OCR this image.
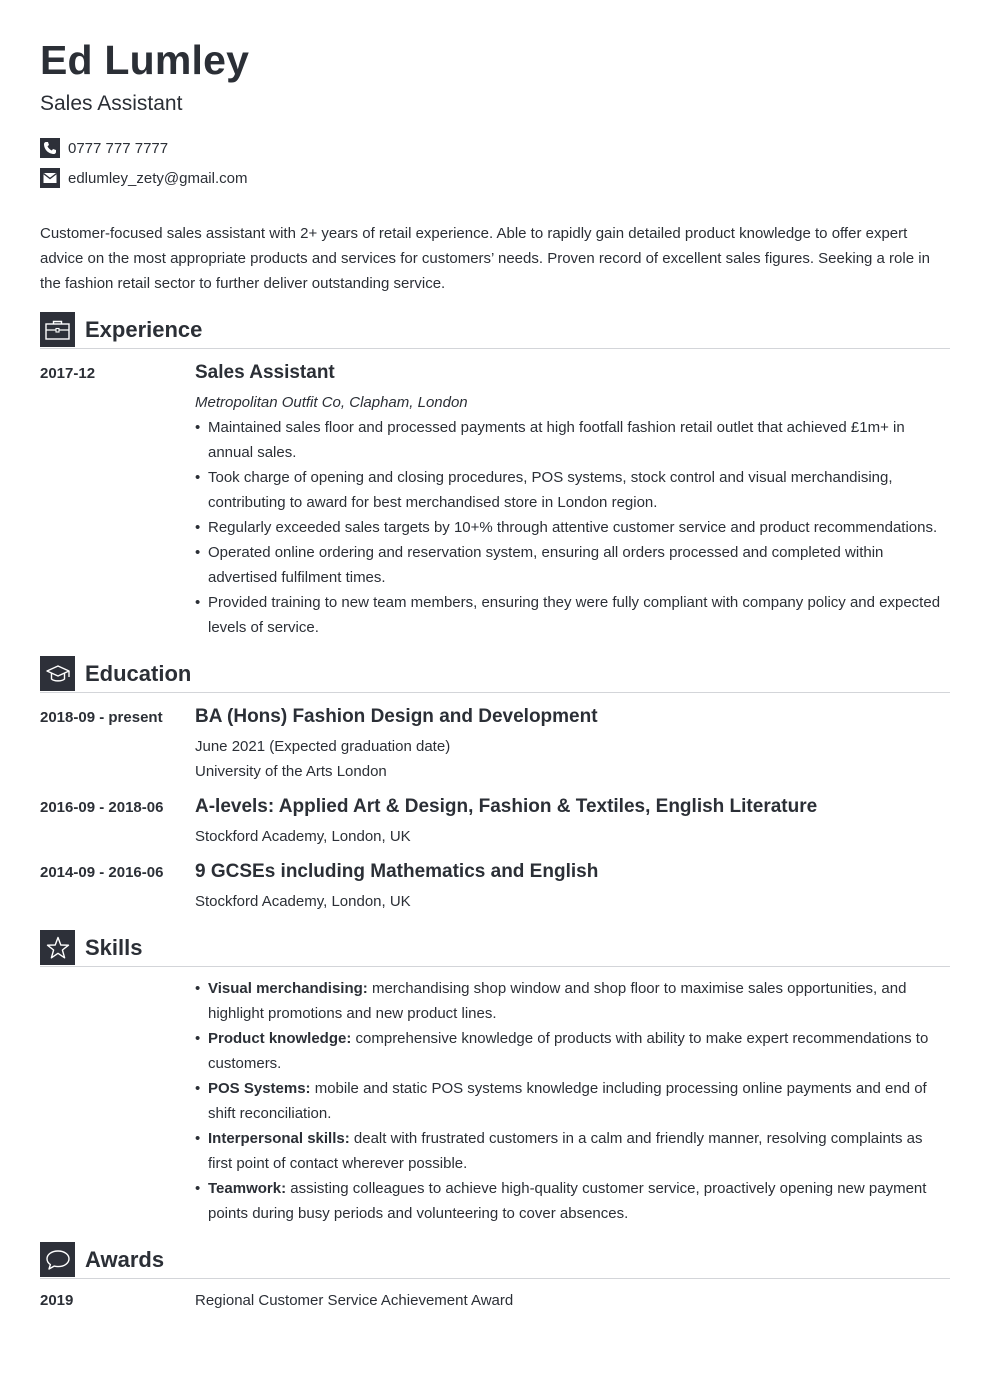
Ed Lumley
Sales Assistant
0777 777 7777
edlumley_zety@gmail.com
Customer-focused sales assistant with 2+ years of retail experience. Able to rapidly gain detailed product knowledge to offer expert advice on the most appropriate products and services for customers’ needs. Proven record of excellent sales figures. Seeking a role in the fashion retail sector to further deliver outstanding service.
Experience
2017-12	Sales Assistant
Metropolitan Outfit Co, Clapham, London
• Maintained sales floor and processed payments at high footfall fashion retail outlet that achieved £1m+ in annual sales.
• Took charge of opening and closing procedures, POS systems, stock control and visual merchandising, contributing to award for best merchandised store in London region.
• Regularly exceeded sales targets by 10+% through attentive customer service and product recommendations.
• Operated online ordering and reservation system, ensuring all orders processed and completed within advertised fulfilment times.
• Provided training to new team members, ensuring they were fully compliant with company policy and expected levels of service.
Education
2018-09 - present BA (Hons) Fashion Design and Development
June 2021 (Expected graduation date)
University of the Arts London
2016-09 - 2018-06 A-levels: Applied Art & Design, Fashion & Textiles, English Literature
Stockford Academy, London, UK
2014-09 - 2016-06 9 GCSEs including Mathematics and English
Stockford Academy, London, UK
Skills
• Visual merchandising: merchandising shop window and shop floor to maximise sales opportunities, and highlight promotions and new product lines.
• Product knowledge: comprehensive knowledge of products with ability to make expert recommendations to customers.
• POS Systems: mobile and static POS systems knowledge including processing online payments and end of shift reconciliation.
• Interpersonal skills: dealt with frustrated customers in a calm and friendly manner, resolving complaints as first point of contact wherever possible.
• Teamwork: assisting colleagues to achieve high-quality customer service, proactively opening new payment points during busy periods and volunteering to cover absences.
Awards
2019	Regional Customer Service Achievement Award
